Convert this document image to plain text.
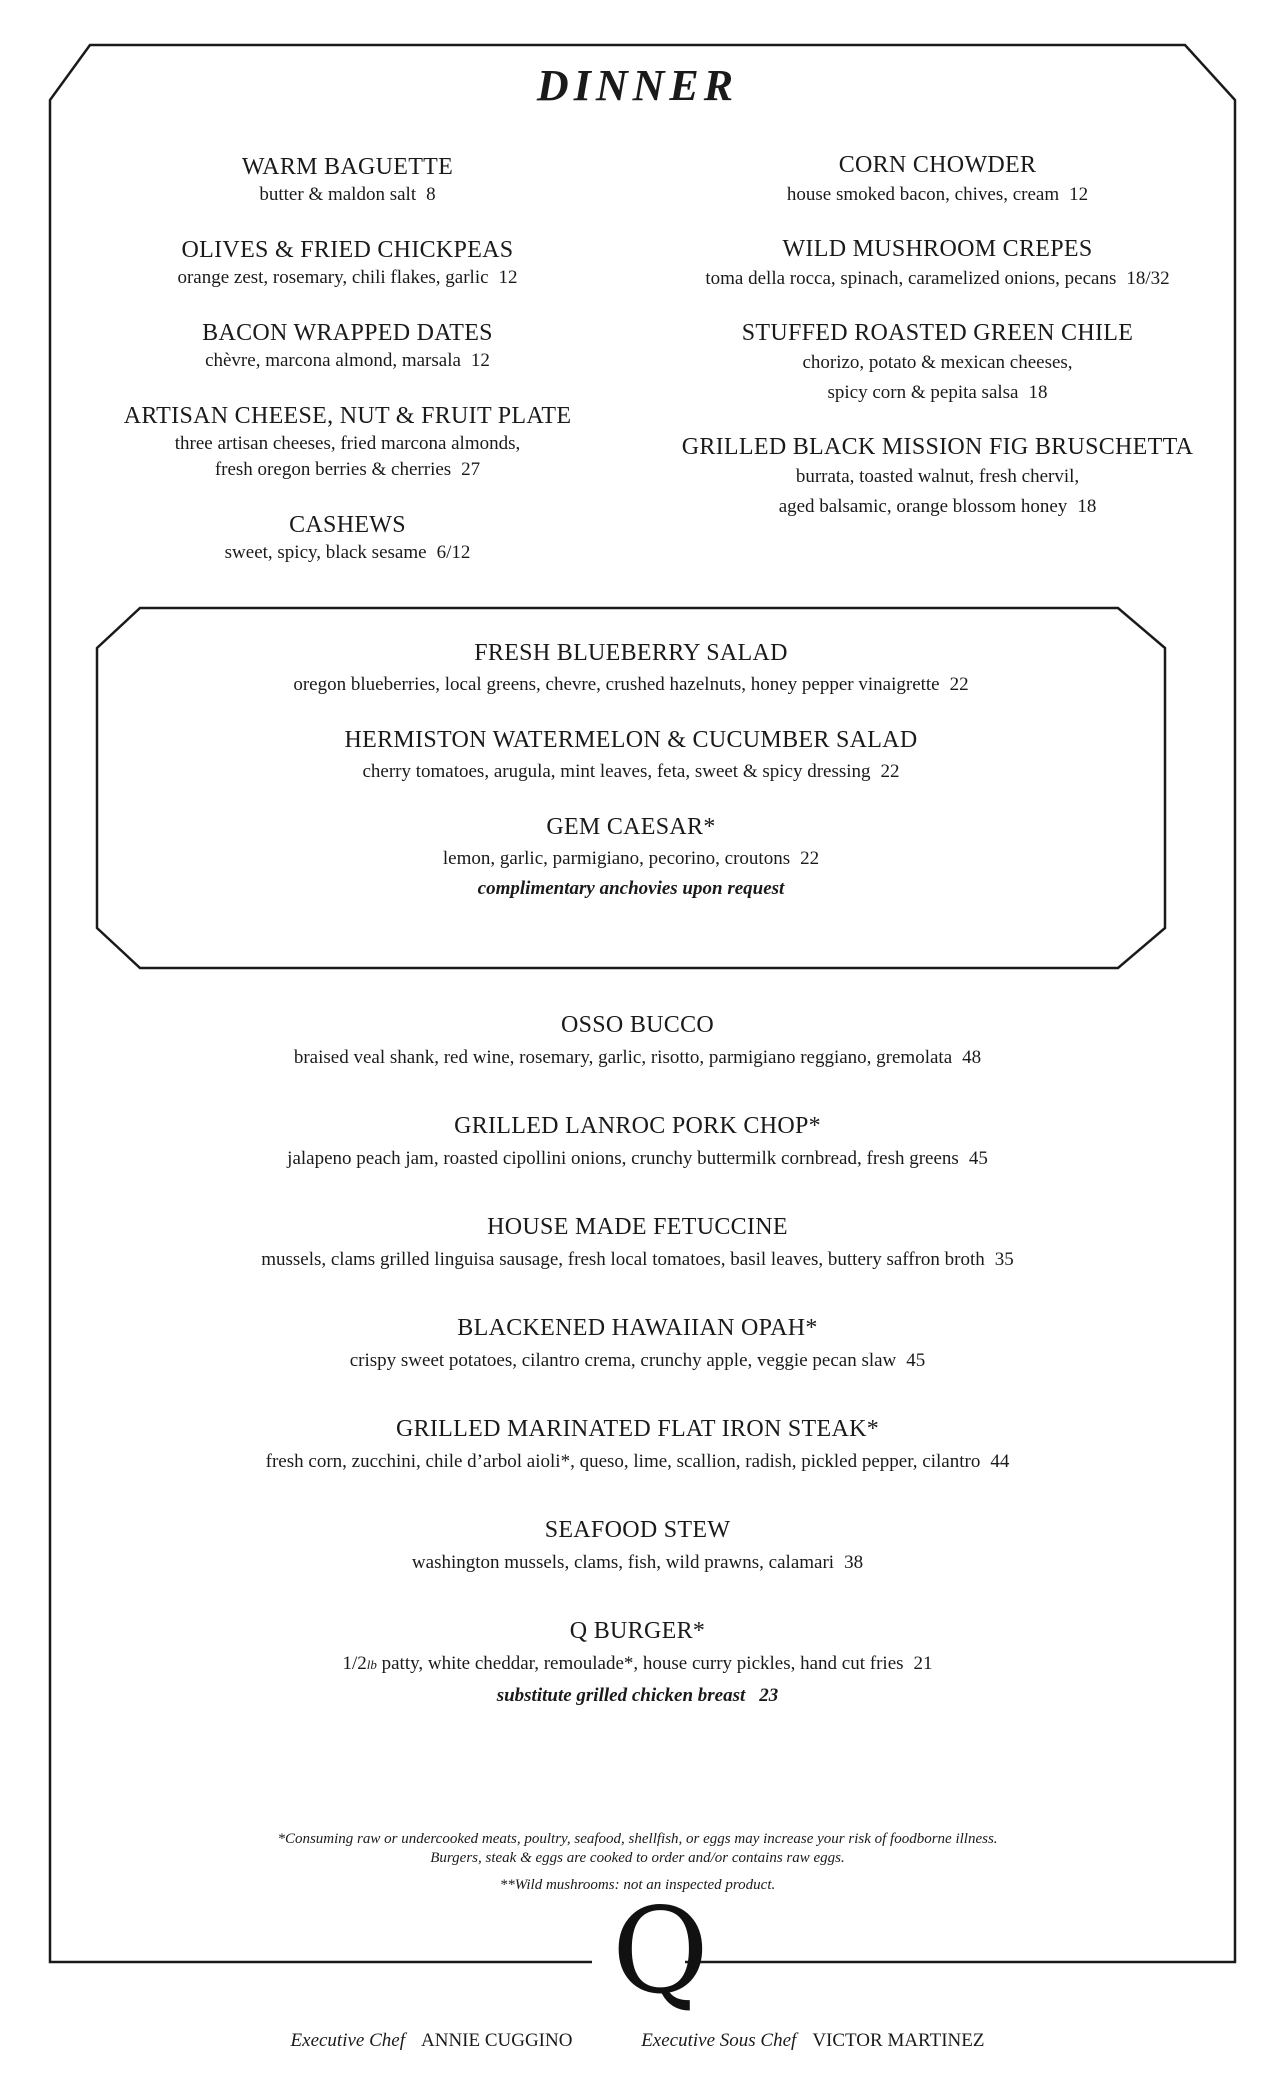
DINNER
WARM BAGUETTE
butter & maldon salt 8
OLIVES & FRIED CHICKPEAS
orange zest, rosemary, chili flakes, garlic 12
BACON WRAPPED DATES
chèvre, marcona almond, marsala 12
ARTISAN CHEESE, NUT & FRUIT PLATE
three artisan cheeses, fried marcona almonds,
fresh oregon berries & cherries 27
CASHEWS
sweet, spicy, black sesame 6/12
CORN CHOWDER
house smoked bacon, chives, cream 12
WILD MUSHROOM CREPES
toma della rocca, spinach, caramelized onions, pecans 18/32
STUFFED ROASTED GREEN CHILE
chorizo, potato & mexican cheeses,
spicy corn & pepita salsa 18
GRILLED BLACK MISSION FIG BRUSCHETTA
burrata, toasted walnut, fresh chervil,
aged balsamic, orange blossom honey 18
FRESH BLUEBERRY SALAD
oregon blueberries, local greens, chevre, crushed hazelnuts, honey pepper vinaigrette 22
HERMISTON WATERMELON & CUCUMBER SALAD
cherry tomatoes, arugula, mint leaves, feta, sweet & spicy dressing 22
GEM CAESAR*
lemon, garlic, parmigiano, pecorino, croutons 22
complimentary anchovies upon request
OSSO BUCCO
braised veal shank, red wine, rosemary, garlic, risotto, parmigiano reggiano, gremolata 48
GRILLED LANROC PORK CHOP*
jalapeno peach jam, roasted cipollini onions, crunchy buttermilk cornbread, fresh greens 45
HOUSE MADE FETUCCINE
mussels, clams grilled linguisa sausage, fresh local tomatoes, basil leaves, buttery saffron broth 35
BLACKENED HAWAIIAN OPAH*
crispy sweet potatoes, cilantro crema, crunchy apple, veggie pecan slaw 45
GRILLED MARINATED FLAT IRON STEAK*
fresh corn, zucchini, chile d’arbol aioli*, queso, lime, scallion, radish, pickled pepper, cilantro 44
SEAFOOD STEW
washington mussels, clams, fish, wild prawns, calamari 38
Q BURGER*
1/2lb patty, white cheddar, remoulade*, house curry pickles, hand cut fries 21
substitute grilled chicken breast 23

*Consuming raw or undercooked meats, poultry, seafood, shellfish, or eggs may increase your risk of foodborne illness.

Burgers, steak & eggs are cooked to order and/or contains raw eggs.

**Wild mushrooms: not an inspected product.

Q
Executive Chef ANNIE CUGGINO	Executive Sous Chef VICTOR MARTINEZ
